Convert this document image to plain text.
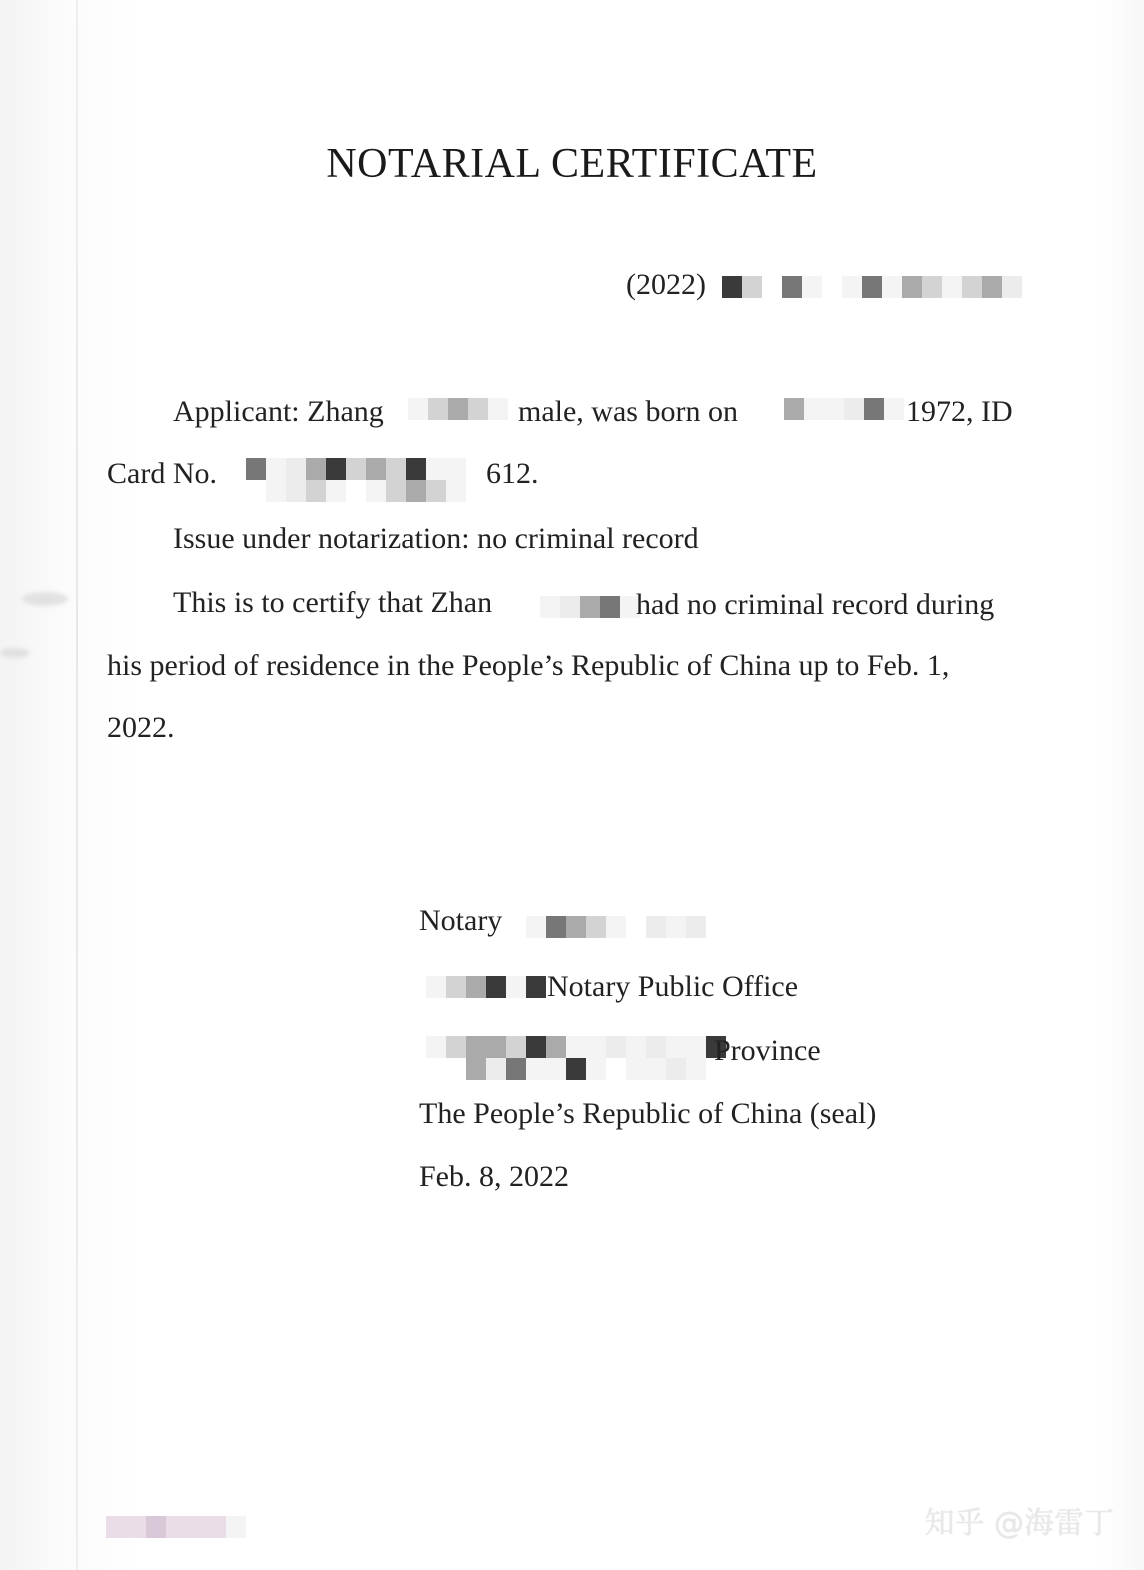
NOTARIAL CERTIFICATE
(2022)
Applicant: Zhang	male, was born on	1972, ID
Card No.	612.
Issue under notarization: no criminal record
This is to certify that Zhan	had no criminal record during
his period of residence in the People’s Republic of China up to Feb. 1,
2022.
Notary
Notary Public Office
Province
The People’s Republic of China (seal)
Feb. 8, 2022
知乎 @海雷丁
